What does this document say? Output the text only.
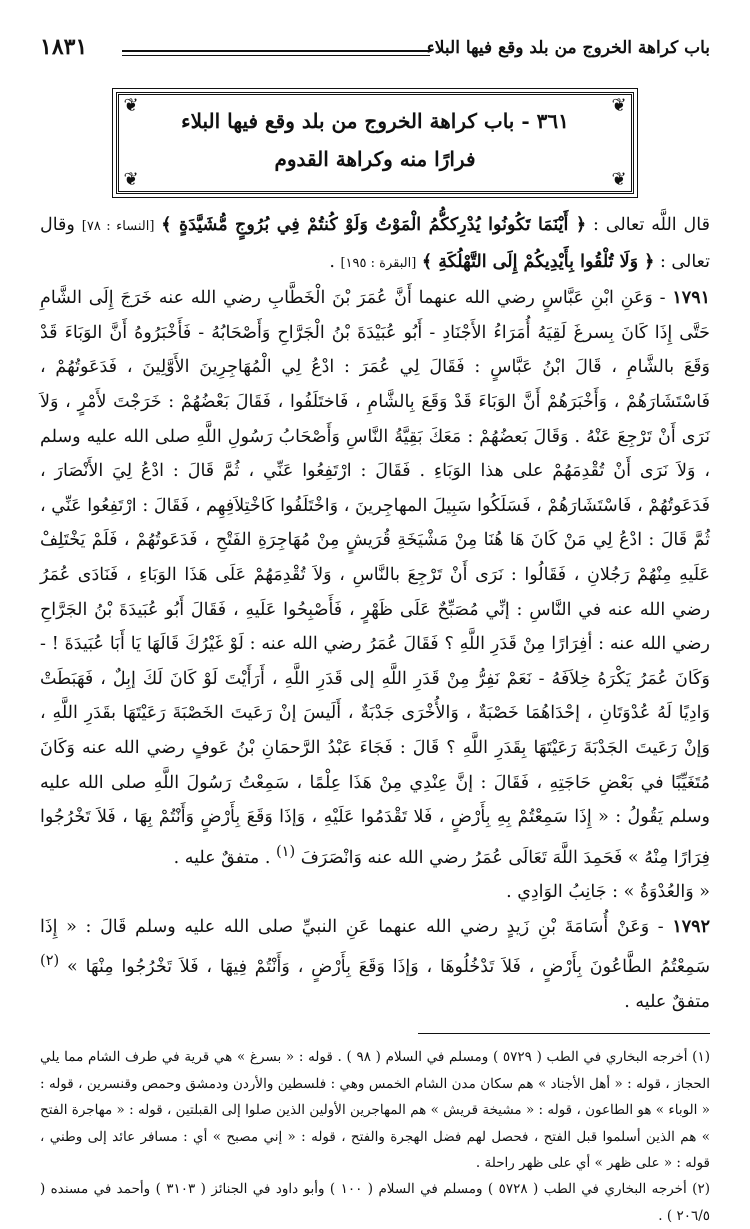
باب كراهة الخروج من بلد وقع فيها البلاء
١٨٣١
❦	❦
❦	❦
٣٦١ - باب كراهة الخروج من بلد وقع فيها البلاء
فرارًا منه وكراهة القدوم

قال اللَّه تعالى : ﴿ أَيْنَمَا تَكُونُوا يُدْرِككُّمُ الْمَوْتُ وَلَوْ كُنتُمْ فِي بُرُوجٍ مُّشَيَّدَةٍ ﴾ [النساء : ٧٨] وقال تعالى : ﴿ وَلَا تُلْقُوا بِأَيْدِيكُمْ إِلَى التَّهْلُكَةِ ﴾ [البقرة : ١٩٥] .

١٧٩١ - وَعَنِ ابْنِ عَبَّاسٍ رضي الله عنهما أَنَّ عُمَرَ بْنَ الْخَطَّابِ رضي الله عنه خَرَجَ إِلَى الشَّامِ حَتَّى إِذَا كَانَ بِسرغَ لَقِيَهُ أُمَرَاءُ الأَجْنَادِ - أَبُو عُبَيْدَةَ بْنُ الْجَرَّاحِ وَأَصْحَابُهُ - فَأَخْبَرُوهُ أَنَّ الوَبَاءَ قَدْ وَقَعَ بالشَّامِ ، قَالَ ابْنُ عَبَّاسٍ : فَقَالَ لِي عُمَرَ : ادْعُ لِي الْمُهَاجِرِينَ الأَوَّلِينَ ، فَدَعَوتُهُمْ ، فَاسْتَشَارَهُمْ ، وَأَخْبَرَهُمْ أَنَّ الوَبَاءَ قَدْ وَقَعَ بِالشَّامِ ، فَاختَلَفُوا ، فَقَالَ بَعْضُهُمْ : خَرَجْتَ لأَمْرٍ ، وَلاَ نَرَى أَنْ تَرْجِعَ عَنْهُ . وَقَالَ بَعضُهُمْ : مَعَكَ بَقِيَّةُ النَّاسِ وَأَصْحَابُ رَسُولِ اللَّهِ صلى الله عليه وسلم ، وَلاَ نَرَى أَنْ تُقْدِمَهُمْ على هذا الوَبَاءِ . فَقَالَ : ارْتَفِعُوا عَنِّي ، ثُمَّ قَالَ : ادْعُ لِيَ الأَنْصَارَ ، فَدَعَوتُهُمْ ، فَاسْتَشَارَهُمْ ، فَسَلَكُوا سَبِيلَ المهاجِرينَ ، وَاخْتَلَفُوا كَاخْتِلاَفِهِم ، فَقَالَ : ارْتَفِعُوا عَنِّي ، ثُمَّ قَالَ : ادْعُ لِي مَنْ كَانَ هَا هُنَا مِنْ مَشْيَخَةِ قُرَيشٍ مِنْ مُهَاجِرَةِ الفَتْحِ ، فَدَعَوتُهُمْ ، فَلَمْ يَخْتَلِفْ عَلَيهِ مِنْهُمْ رَجُلانِ ، فَقَالُوا : نَرَى أَنْ تَرْجِعَ بالنَّاسِ ، وَلاَ تُقْدِمَهُمْ عَلَى هَذَا الوَبَاءِ ، فَنَادَى عُمَرُ رضي الله عنه في النَّاسِ : إنِّي مُصَبِّحٌ عَلَى ظَهْرٍ ، فَأَصْبِحُوا عَلَيهِ ، فَقَالَ أَبُو عُبَيدَةَ بْنُ الجَرَّاحِ رضي الله عنه : أفِرَارًا مِنْ قَدَرِ اللَّهِ ؟ فَقَالَ عُمَرُ رضي الله عنه : لَوْ غَيْرُكَ قَالَهَا يَا أَبَا عُبَيدَةَ ! - وَكَانَ عُمَرُ يَكْرَهُ خِلاَفَهُ - نَعَمْ نَفِرُّ مِنْ قَدَرِ اللَّهِ إلى قَدَرِ اللَّهِ ، أَرَأَيْتَ لَوْ كَانَ لَكَ إبِلٌ ، فَهَبَطَتْ وَادِيًا لَهُ عُدْوَتَانِ ، إحْدَاهُمَا خَصْبَةٌ ، وَالأُخْرَى جَدْبَةٌ ، أَلَيسَ إنْ رَعَيتَ الخَصْبَةَ رَعَيْتَهَا بقَدَرِ اللَّهِ ، وَإنْ رَعَيتَ الجَدْبَةَ رَعَيْتَهَا بِقَدَرِ اللَّهِ ؟ قَالَ : فَجَاءَ عَبْدُ الرَّحمَانِ بْنُ عَوفٍ رضي الله عنه وَكَانَ مُتَغَيِّبًا في بَعْضِ حَاجَتِهِ ، فَقَالَ : إنَّ عِنْدِي مِنْ هَذَا عِلْمًا ، سَمِعْتُ رَسُولَ اللَّهِ صلى الله عليه وسلم يَقُولُ : « إِذَا سَمِعْتُمْ بِهِ بِأَرْضٍ ، فَلا تَقْدَمُوا عَلَيْهِ ، وَإذَا وَقَعَ بِأَرْضٍ وَأَنْتُمْ بِهَا ، فَلاَ تَخْرُجُوا فِرَارًا مِنْهُ » فَحَمِدَ اللَّهَ تَعَالَى عُمَرُ رضي الله عنه وَانْصَرَفَ $^{(١)}$ . متفقٌ عليه .

« وَالعُدْوَةُ » : جَانِبُ الوَادِي .

١٧٩٢ - وَعَنْ أُسَامَةَ بْنِ زَيدٍ رضي الله عنهما عَنِ النبيِّ صلى الله عليه وسلم قَالَ : « إِذَا سَمِعْتُمُ الطَّاعُونَ بِأَرْضٍ ، فَلاَ تَدْخُلُوهَا ، وَإذَا وَقَعَ بِأَرْضٍ ، وَأَنْتُمْ فِيهَا ، فَلاَ تَخْرُجُوا مِنْهَا » $^{(٢)}$ متفقٌ عليه .

(١) أخرجه البخاري في الطب ( ٥٧٢٩ ) ومسلم في السلام ( ٩٨ ) . قوله : « بسرغ » هي قرية في طرف الشام مما يلي الحجاز ، قوله : « أهل الأجناد » هم سكان مدن الشام الخمس وهي : فلسطين والأردن ودمشق وحمص وقنسرين ، قوله : « الوباء » هو الطاعون ، قوله : « مشيخة قريش » هم المهاجرين الأولين الذين صلوا إلى القبلتين ، قوله : « مهاجرة الفتح » هم الذين أسلموا قبل الفتح ، فحصل لهم فضل الهجرة والفتح ، قوله : « إني مصبح » أي : مسافر عائد إلى وطني ، قوله : « على ظهر » أي على ظهر راحلة .

(٢) أخرجه البخاري في الطب ( ٥٧٢٨ ) ومسلم في السلام ( ١٠٠ ) وأبو داود في الجنائز ( ٣١٠٣ ) وأحمد في مسنده ( ٢٠٦/٥ ) .
